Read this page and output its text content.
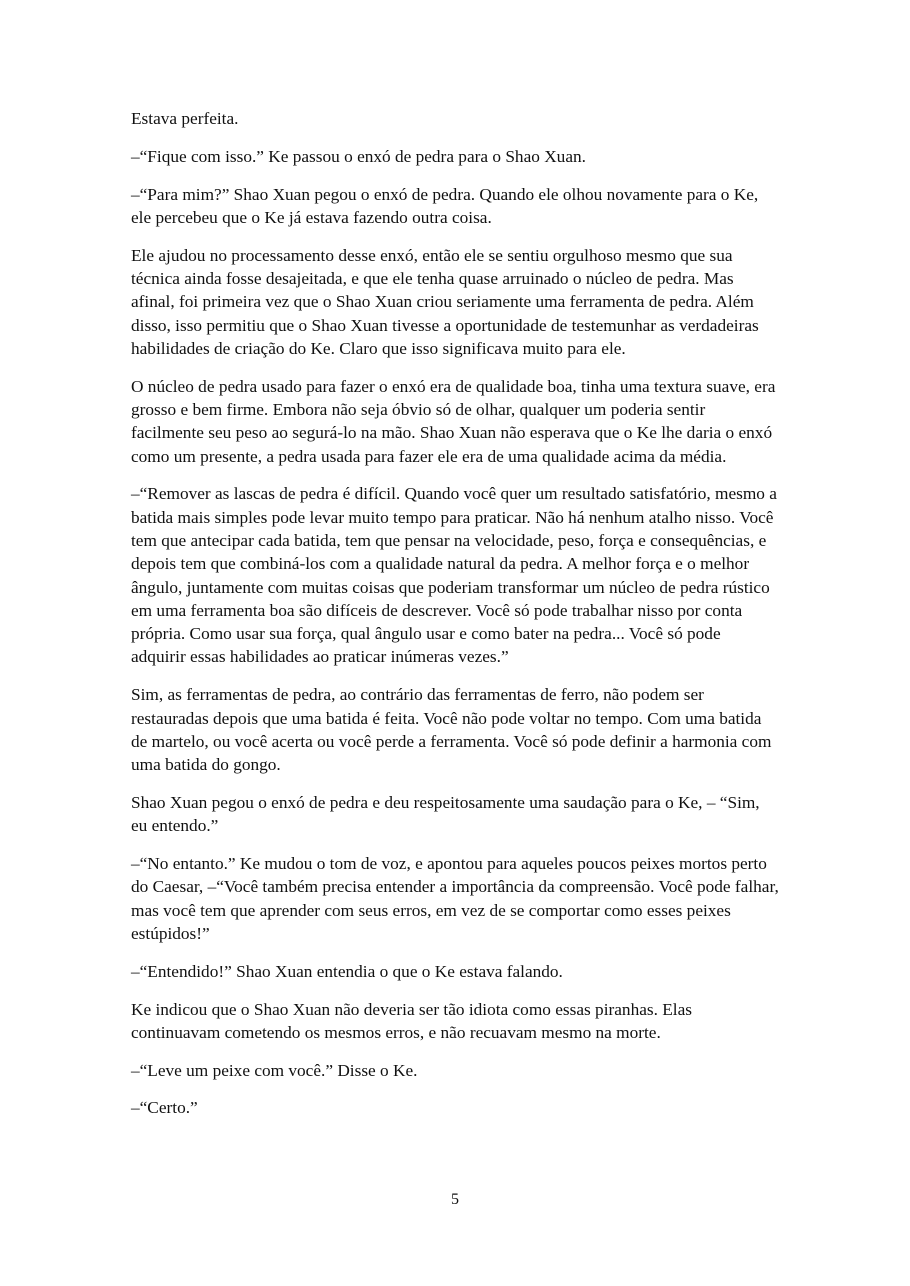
Estava perfeita.

–“Fique com isso.” Ke passou o enxó de pedra para o Shao Xuan.

–“Para mim?” Shao Xuan pegou o enxó de pedra. Quando ele olhou novamente para o Ke, ele percebeu que o Ke já estava fazendo outra coisa.

Ele ajudou no processamento desse enxó, então ele se sentiu orgulhoso mesmo que sua técnica ainda fosse desajeitada, e que ele tenha quase arruinado o núcleo de pedra. Mas afinal, foi primeira vez que o Shao Xuan criou seriamente uma ferramenta de pedra. Além disso, isso permitiu que o Shao Xuan tivesse a oportunidade de testemunhar as verdadeiras habilidades de criação do Ke. Claro que isso significava muito para ele.

O núcleo de pedra usado para fazer o enxó era de qualidade boa, tinha uma textura suave, era grosso e bem firme. Embora não seja óbvio só de olhar, qualquer um poderia sentir facilmente seu peso ao segurá-lo na mão. Shao Xuan não esperava que o Ke lhe daria o enxó como um presente, a pedra usada para fazer ele era de uma qualidade acima da média.

–“Remover as lascas de pedra é difícil. Quando você quer um resultado satisfatório, mesmo a batida mais simples pode levar muito tempo para praticar. Não há nenhum atalho nisso. Você tem que antecipar cada batida, tem que pensar na velocidade, peso, força e consequências, e depois tem que combiná-los com a qualidade natural da pedra. A melhor força e o melhor ângulo, juntamente com muitas coisas que poderiam transformar um núcleo de pedra rústico em uma ferramenta boa são difíceis de descrever. Você só pode trabalhar nisso por conta própria. Como usar sua força, qual ângulo usar e como bater na pedra... Você só pode adquirir essas habilidades ao praticar inúmeras vezes.”

Sim, as ferramentas de pedra, ao contrário das ferramentas de ferro, não podem ser restauradas depois que uma batida é feita. Você não pode voltar no tempo. Com uma batida de martelo, ou você acerta ou você perde a ferramenta. Você só pode definir a harmonia com uma batida do gongo.

Shao Xuan pegou o enxó de pedra e deu respeitosamente uma saudação para o Ke, – “Sim, eu entendo.”

–“No entanto.” Ke mudou o tom de voz, e apontou para aqueles poucos peixes mortos perto do Caesar, –“Você também precisa entender a importância da compreensão. Você pode falhar, mas você tem que aprender com seus erros, em vez de se comportar como esses peixes estúpidos!”

–“Entendido!” Shao Xuan entendia o que o Ke estava falando.

Ke indicou que o Shao Xuan não deveria ser tão idiota como essas piranhas. Elas continuavam cometendo os mesmos erros, e não recuavam mesmo na morte.

–“Leve um peixe com você.” Disse o Ke.

–“Certo.”

5
